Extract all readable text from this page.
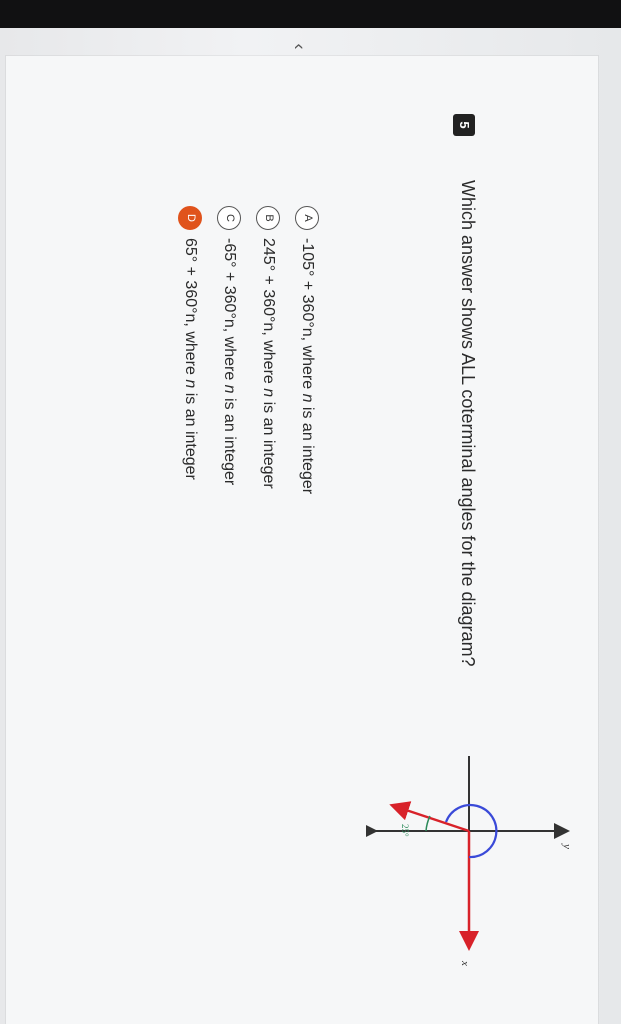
‹
5
Which answer shows ALL coterminal angles for the diagram?
A-105° + 360°n, where n is an integer
B245° + 360°n, where n is an integer
C-65° + 360°n, where n is an integer
D65° + 360°n, where n is an integer
25°
x
y
